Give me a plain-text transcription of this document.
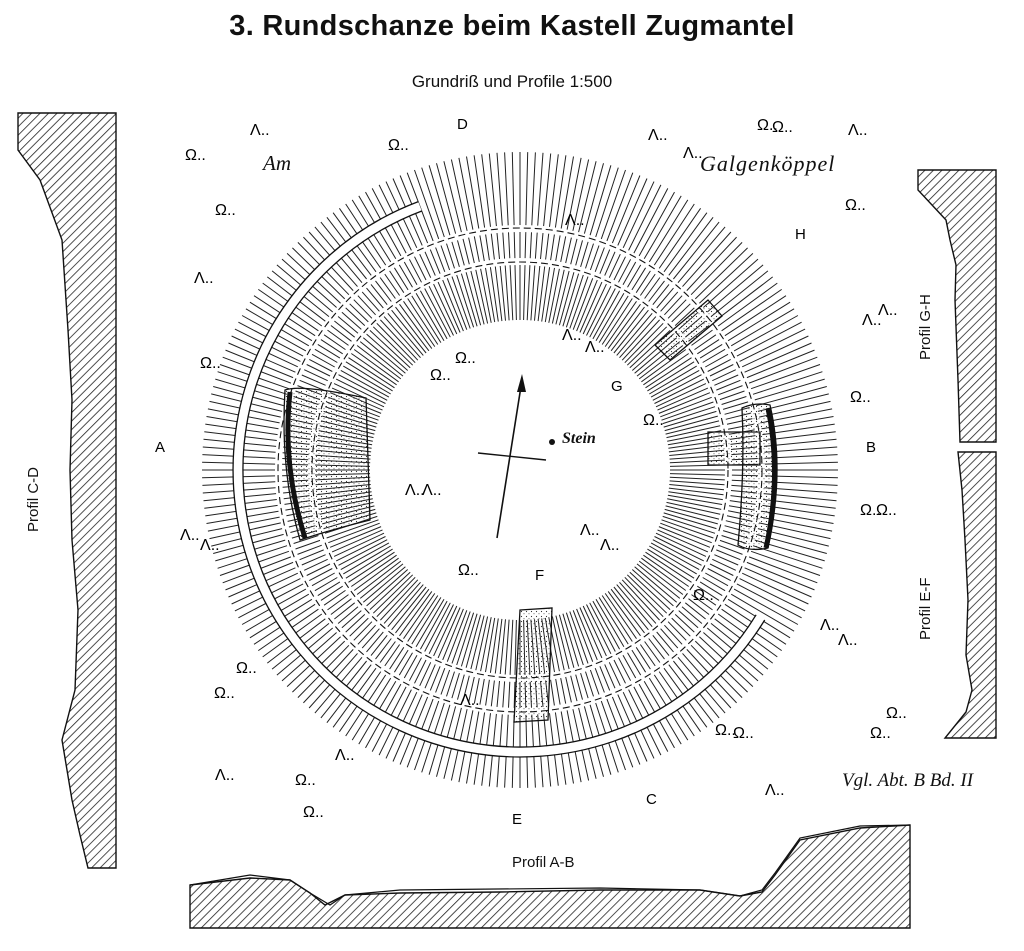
3. Rundschanze beim Kastell Zugmantel
Grundriß und Profile 1:500
Λ..	Λ..
Λ..
Λ..
Λ..
Λ..
Λ..
Λ..
Λ..
Λ..
Λ..
Λ..
Λ..
Λ..
Λ..
Λ..
Λ..
Λ..
Λ..
Λ..
Λ..
Λ..
Ω..
Ω..
Ω..
Ω..
Ω..	Ω..
Ω..
Ω..
Ω..
Ω..
Ω..
Ω..
Ω..
Ω..
Ω..
Ω..
Ω..
Ω..
Ω..
Ω..	Ω..
Ω..
Ω..
A	B
C
D
E
F
G
H
Am	Galgenköppel
Stein
Profil C-D
Profil G-H
Profil E-F
Profil A-B
Vgl. Abt. B Bd. II
